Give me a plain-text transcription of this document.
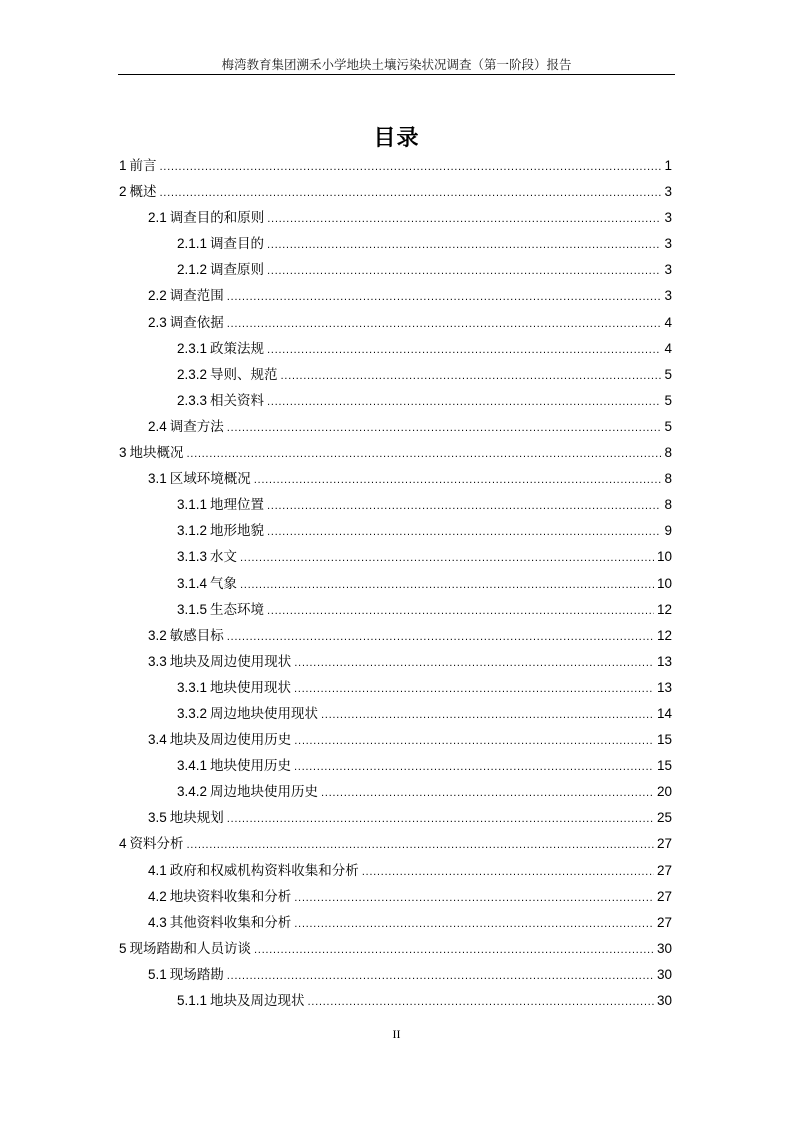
梅湾教育集团溯禾小学地块土壤污染状况调查（第一阶段）报告
目录
1 前言 .....	1
2 概述 .....	3
2.1 调查目的和原则 .....	3
2.1.1 调查目的 .....	3
2.1.2 调查原则 .....	3
2.2 调查范围 .....	3
2.3 调查依据 .....	4
2.3.1 政策法规 .....	4
2.3.2 导则、规范 .....	5
2.3.3 相关资料 .....	5
2.4 调查方法 .....	5
3 地块概况 .....	8
3.1 区域环境概况 .....	8
3.1.1 地理位置 .....	8
3.1.2 地形地貌 .....	9
3.1.3 水文 .....	10
3.1.4 气象 .....	10
3.1.5 生态环境 .....	12
3.2 敏感目标 .....	12
3.3 地块及周边使用现状 .....	13
3.3.1 地块使用现状 .....	13
3.3.2 周边地块使用现状 .....	14
3.4 地块及周边使用历史 .....	15
3.4.1 地块使用历史 .....	15
3.4.2 周边地块使用历史 .....	20
3.5 地块规划 .....	25
4 资料分析 .....	27
4.1 政府和权威机构资料收集和分析 .....	27
4.2 地块资料收集和分析 .....	27
4.3 其他资料收集和分析 .....	27
5 现场踏勘和人员访谈 .....	30
5.1 现场踏勘 .....	30
5.1.1 地块及周边现状 .....	30
II
